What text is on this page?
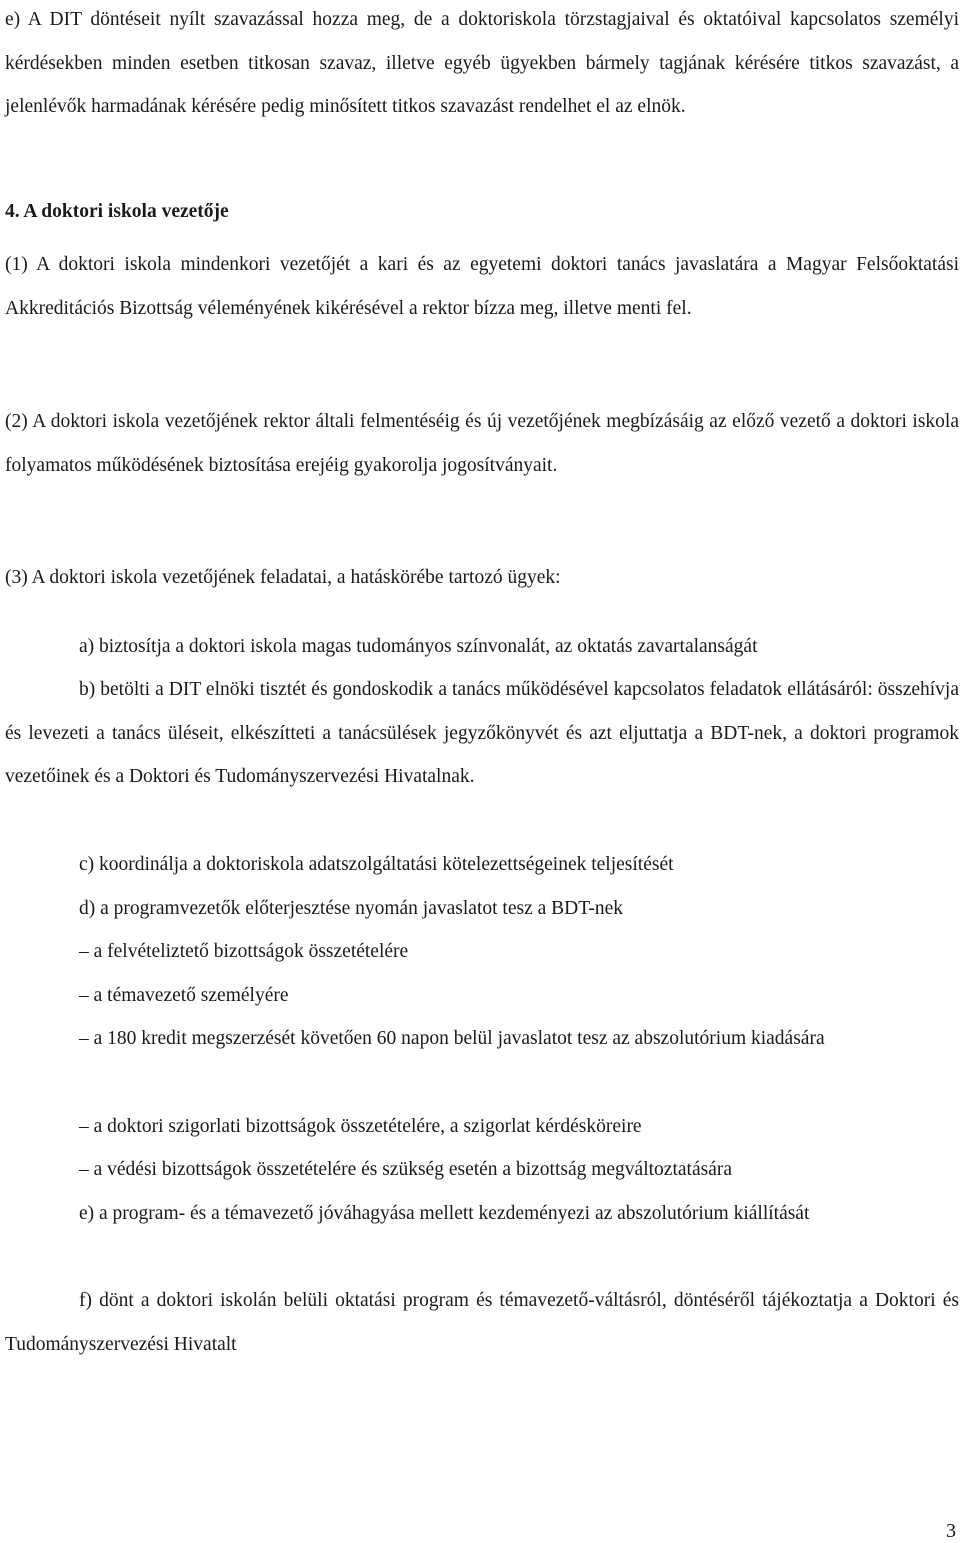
e) A DIT döntéseit nyílt szavazással hozza meg, de a doktoriskola törzstagjaival és oktatóival kapcsolatos személyi kérdésekben minden esetben titkosan szavaz, illetve egyéb ügyekben bármely tagjának kérésére titkos szavazást, a jelenlévők harmadának kérésére pedig minősített titkos szavazást rendelhet el az elnök.

4. A doktori iskola vezetője

(1) A doktori iskola mindenkori vezetőjét a kari és az egyetemi doktori tanács javaslatára a Magyar Felsőoktatási Akkreditációs Bizottság véleményének kikérésével a rektor bízza meg, illetve menti fel.

(2) A doktori iskola vezetőjének rektor általi felmentéséig és új vezetőjének megbízásáig az előző vezető a doktori iskola folyamatos működésének biztosítása erejéig gyakorolja jogosítványait.

(3) A doktori iskola vezetőjének feladatai, a hatáskörébe tartozó ügyek:

a) biztosítja a doktori iskola magas tudományos színvonalát, az oktatás zavartalanságát

b) betölti a DIT elnöki tisztét és gondoskodik a tanács működésével kapcsolatos feladatok ellátásáról: összehívja és levezeti a tanács üléseit, elkészítteti a tanácsülések jegyzőkönyvét és azt eljuttatja a BDT-nek, a doktori programok vezetőinek és a Doktori és Tudományszervezési Hivatalnak.

c) koordinálja a doktoriskola adatszolgáltatási kötelezettségeinek teljesítését

d) a programvezetők előterjesztése nyomán javaslatot tesz a BDT-nek

– a felvételiztető bizottságok összetételére

– a témavezető személyére

– a 180 kredit megszerzését követően 60 napon belül javaslatot tesz az abszolutórium kiadására

– a doktori szigorlati bizottságok összetételére, a szigorlat kérdésköreire

– a védési bizottságok összetételére és szükség esetén a bizottság megváltoztatására

e) a program- és a témavezető jóváhagyása mellett kezdeményezi az abszolutórium kiállítását

f) dönt a doktori iskolán belüli oktatási program és témavezető-váltásról, döntéséről tájékoztatja a Doktori és Tudományszervezési Hivatalt

3
